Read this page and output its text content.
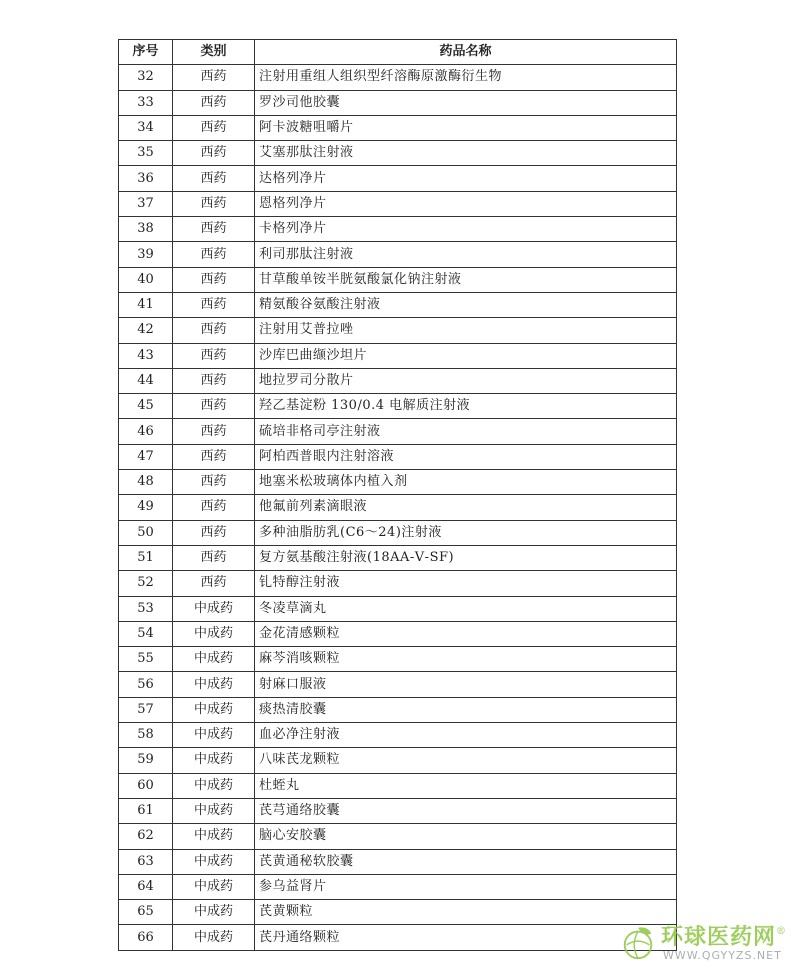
序号	类别	药品名称
32	西药	注射用重组人组织型纤溶酶原激酶衍生物
33	西药	罗沙司他胶囊
34	西药	阿卡波糖咀嚼片
35	西药	艾塞那肽注射液
36	西药	达格列净片
37	西药	恩格列净片
38	西药	卡格列净片
39	西药	利司那肽注射液
40	西药	甘草酸单铵半胱氨酸氯化钠注射液
41	西药	精氨酸谷氨酸注射液
42	西药	注射用艾普拉唑
43	西药	沙库巴曲缬沙坦片
44	西药	地拉罗司分散片
45	西药	羟乙基淀粉 130/0.4 电解质注射液
46	西药	硫培非格司亭注射液
47	西药	阿柏西普眼内注射溶液
48	西药	地塞米松玻璃体内植入剂
49	西药	他氟前列素滴眼液
50	西药	多种油脂肪乳(C6～24)注射液
51	西药	复方氨基酸注射液(18AA-Ⅴ-SF)
52	西药	钆特醇注射液
53	中成药	冬凌草滴丸
54	中成药	金花清感颗粒
55	中成药	麻芩消咳颗粒
56	中成药	射麻口服液
57	中成药	痰热清胶囊
58	中成药	血必净注射液
59	中成药	八味芪龙颗粒
60	中成药	杜蛭丸
61	中成药	芪芎通络胶囊
62	中成药	脑心安胶囊
63	中成药	芪黄通秘软胶囊
64	中成药	参乌益肾片
65	中成药	芪黄颗粒
66	中成药	芪丹通络颗粒	环球医药网®
WWW.QGYYZS.NET
